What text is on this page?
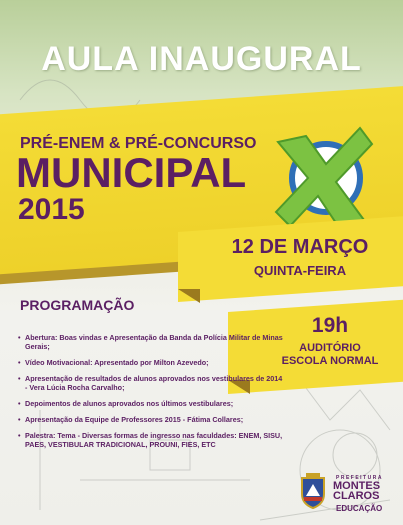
AULA INAUGURAL
PRÉ-ENEM & PRÉ-CONCURSO
MUNICIPAL
2015
12 DE MARÇO
QUINTA-FEIRA
19h
AUDITÓRIO
ESCOLA NORMAL
PROGRAMAÇÃO
• Abertura: Boas vindas e Apresentação da Banda da Polícia Militar de Minas Gerais;
• Vídeo Motivacional: Apresentado por Milton Azevedo;
• Apresentação de resultados de alunos aprovados nos vestibulares de 2014 - Vera Lúcia Rocha Carvalho;
• Depoimentos de alunos aprovados nos últimos vestibulares;
• Apresentação da Equipe de Professores 2015 - Fátima Collares;
• Palestra: Tema - Diversas formas de ingresso nas faculdades: ENEM, SISU, PAES, VESTIBULAR TRADICIONAL, PROUNI, FIES, ETC
PREFEITURA
MONTES CLAROS
EDUCAÇÃO
